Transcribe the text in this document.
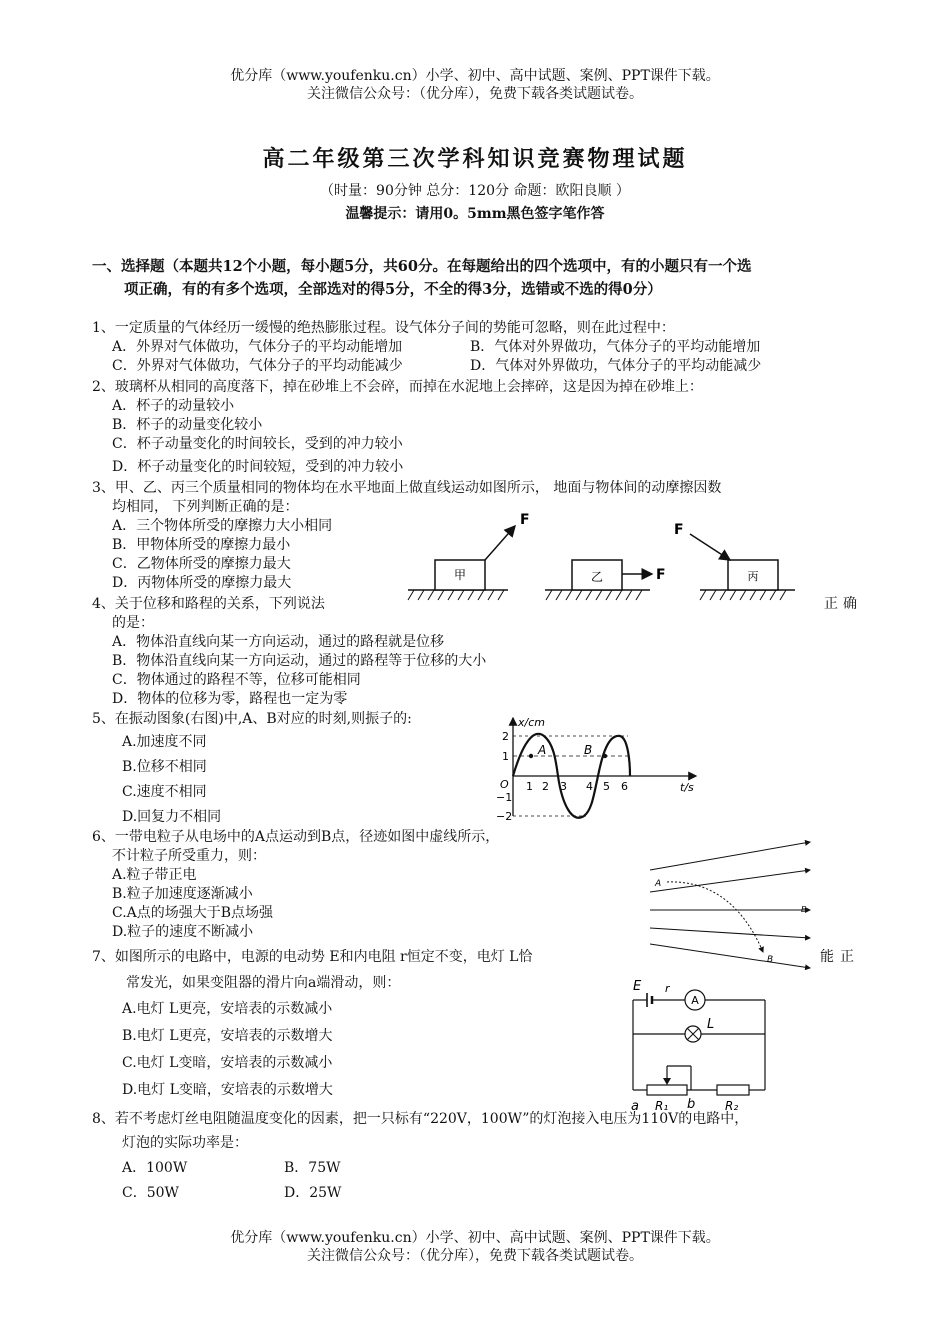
优分库（www.youfenku.cn）小学、初中、高中试题、案例、PPT课件下载。
关注微信公众号：（优分库），免费下载各类试题试卷。
高二年级第三次学科知识竞赛物理试题
（时量：90分钟 总分：120分 命题：欧阳良顺 ）
温馨提示：请用0。5mm黑色签字笔作答
一、选择题（本题共12个小题，每小题5分，共60分。在每题给出的四个选项中，有的小题只有一个选
项正确，有的有多个选项，全部选对的得5分，不全的得3分，选错或不选的得0分）
1、一定质量的气体经历一缓慢的绝热膨胀过程。设气体分子间的势能可忽略，则在此过程中：
A．外界对气体做功，气体分子的平均动能增加	B．气体对外界做功，气体分子的平均动能增加
C．外界对气体做功，气体分子的平均动能减少	D．气体对外界做功，气体分子的平均动能减少
2、玻璃杯从相同的高度落下，掉在砂堆上不会碎，而掉在水泥地上会摔碎，这是因为掉在砂堆上：
A．杯子的动量较小
B．杯子的动量变化较小
C．杯子动量变化的时间较长，受到的冲力较小
D．杯子动量变化的时间较短，受到的冲力较小
3、甲、乙、丙三个质量相同的物体均在水平地面上做直线运动如图所示， 地面与物体间的动摩擦因数
均相同， 下列判断正确的是：
A．三个物体所受的摩擦力大小相同
B．甲物体所受的摩擦力最小
C．乙物体所受的摩擦力最大
D．丙物体所受的摩擦力最大	甲
F
乙	F	丙
F
4、关于位移和路程的关系，下列说法	正确
的是：
A．物体沿直线向某一方向运动，通过的路程就是位移
B．物体沿直线向某一方向运动，通过的路程等于位移的大小
C．物体通过的路程不等，位移可能相同
D．物体的位移为零，路程也一定为零
5、在振动图象(右图)中,A、B对应的时刻,则振子的:
A.加速度不同
B.位移不相同
C.速度不相同
D.回复力不相同
x/cm
t/s
O
2
1
−1
−2
1 2 3 4 5 6
A	B
6、一带电粒子从电场中的A点运动到B点，径迹如图中虚线所示，
不计粒子所受重力，则：
A.粒子带正电
B.粒子加速度逐渐减小
C.A点的场强大于B点场强
D.粒子的速度不断减小
A
B
E
7、如图所示的电路中，电源的电动势 E和内电阻 r恒定不变，电灯 L恰	能正
常发光，如果变阻器的滑片向a端滑动，则：
A.电灯 L更亮，安培表的示数减小
B.电灯 L更亮，安培表的示数增大
C.电灯 L变暗，安培表的示数减小
D.电灯 L变暗，安培表的示数增大
A
E r
L
a R₁ b R₂
8、若不考虑灯丝电阻随温度变化的因素，把一只标有“220V，100W”的灯泡接入电压为110V的电路中，
灯泡的实际功率是：
A．100W	B．75W
C．50W	D．25W
优分库（www.youfenku.cn）小学、初中、高中试题、案例、PPT课件下载。
关注微信公众号：（优分库），免费下载各类试题试卷。
